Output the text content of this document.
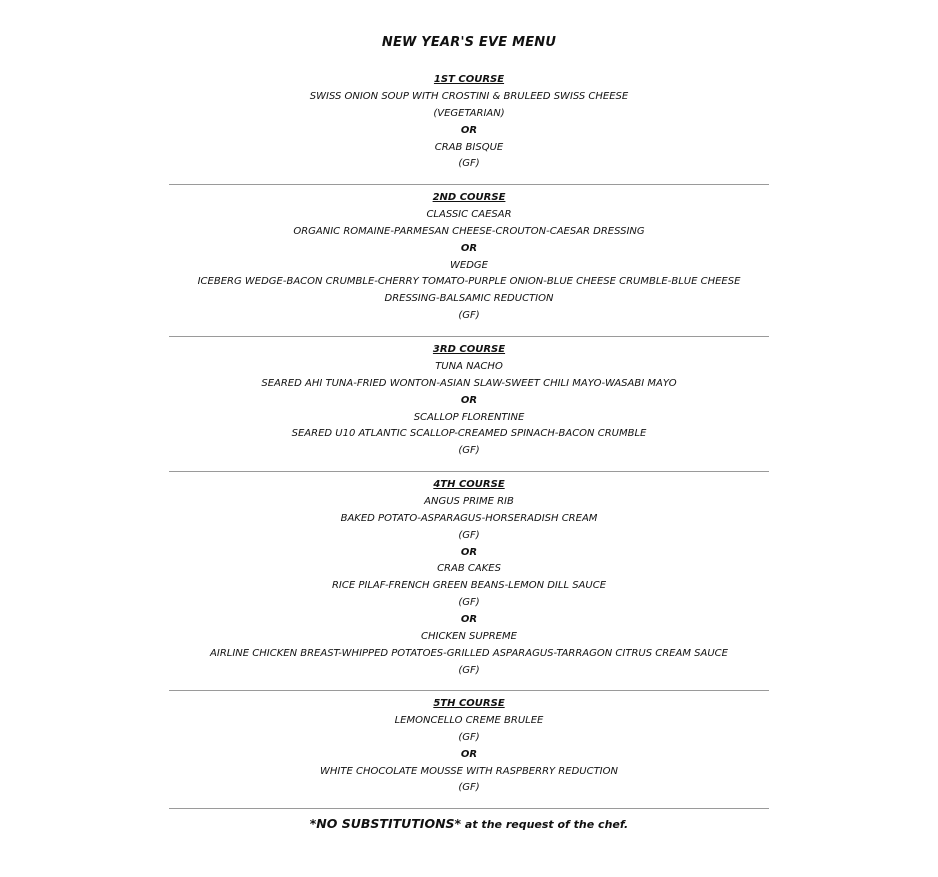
NEW YEAR'S EVE MENU
1ST COURSE
SWISS ONION SOUP WITH CROSTINI & BRULEED SWISS CHEESE
(VEGETARIAN)
OR
CRAB BISQUE
(GF)
2ND COURSE
CLASSIC CAESAR
ORGANIC ROMAINE-PARMESAN CHEESE-CROUTON-CAESAR DRESSING
OR
WEDGE
ICEBERG WEDGE-BACON CRUMBLE-CHERRY TOMATO-PURPLE ONION-BLUE CHEESE CRUMBLE-BLUE CHEESE
DRESSING-BALSAMIC REDUCTION
(GF)
3RD COURSE
TUNA NACHO
SEARED AHI TUNA-FRIED WONTON-ASIAN SLAW-SWEET CHILI MAYO-WASABI MAYO
OR
SCALLOP FLORENTINE
SEARED U10 ATLANTIC SCALLOP-CREAMED SPINACH-BACON CRUMBLE
(GF)
4TH COURSE
ANGUS PRIME RIB
BAKED POTATO-ASPARAGUS-HORSERADISH CREAM
(GF)
OR
CRAB CAKES
RICE PILAF-FRENCH GREEN BEANS-LEMON DILL SAUCE
(GF)
OR
CHICKEN SUPREME
AIRLINE CHICKEN BREAST-WHIPPED POTATOES-GRILLED ASPARAGUS-TARRAGON CITRUS CREAM SAUCE
(GF)
5TH COURSE
LEMONCELLO CREME BRULEE
(GF)
OR
WHITE CHOCOLATE MOUSSE WITH RASPBERRY REDUCTION
(GF)
*NO SUBSTITUTIONS* at the request of the chef.
